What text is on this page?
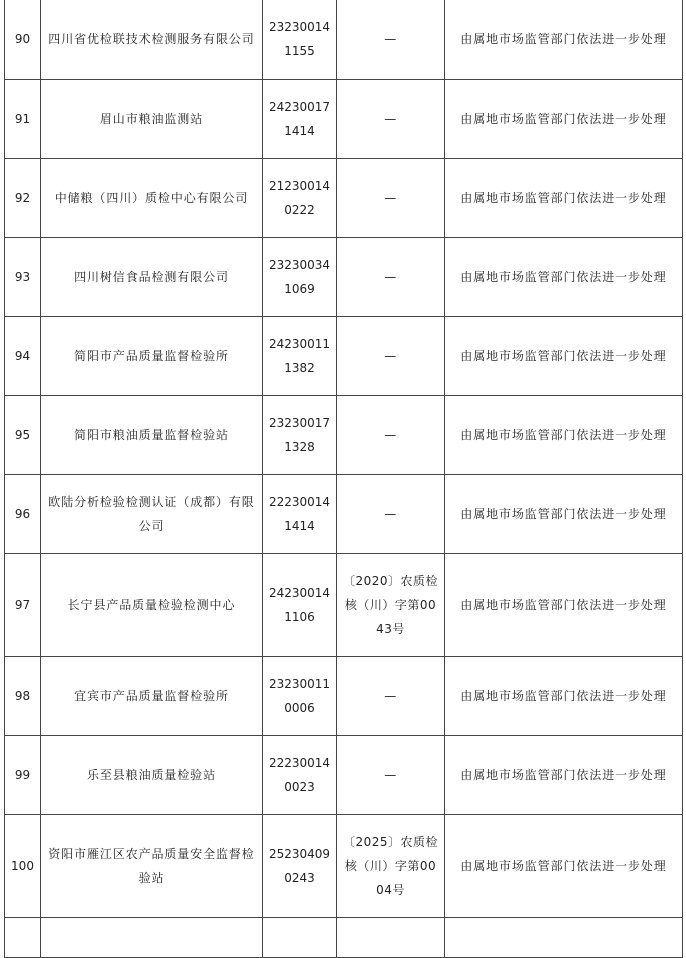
90	四川省优检联技术检测服务有限公司	232300141155	—	由属地市场监管部门依法进一步处理
91	眉山市粮油监测站	242300171414	—	由属地市场监管部门依法进一步处理
92	中储粮（四川）质检中心有限公司	212300140222	—	由属地市场监管部门依法进一步处理
93	四川树信食品检测有限公司	232300341069	—	由属地市场监管部门依法进一步处理
94	简阳市产品质量监督检验所	242300111382	—	由属地市场监管部门依法进一步处理
95	简阳市粮油质量监督检验站	232300171328	—	由属地市场监管部门依法进一步处理
96	欧陆分析检验检测认证（成都）有限公司	222300141414	—	由属地市场监管部门依法进一步处理
97	长宁县产品质量检验检测中心	242300141106	〔2020〕农质检核（川）字第0043号	由属地市场监管部门依法进一步处理
98	宜宾市产品质量监督检验所	232300110006	—	由属地市场监管部门依法进一步处理
99	乐至县粮油质量检验站	222300140023	—	由属地市场监管部门依法进一步处理
100	资阳市雁江区农产品质量安全监督检验站	252304090243	〔2025〕农质检核（川）字第0004号	由属地市场监管部门依法进一步处理
